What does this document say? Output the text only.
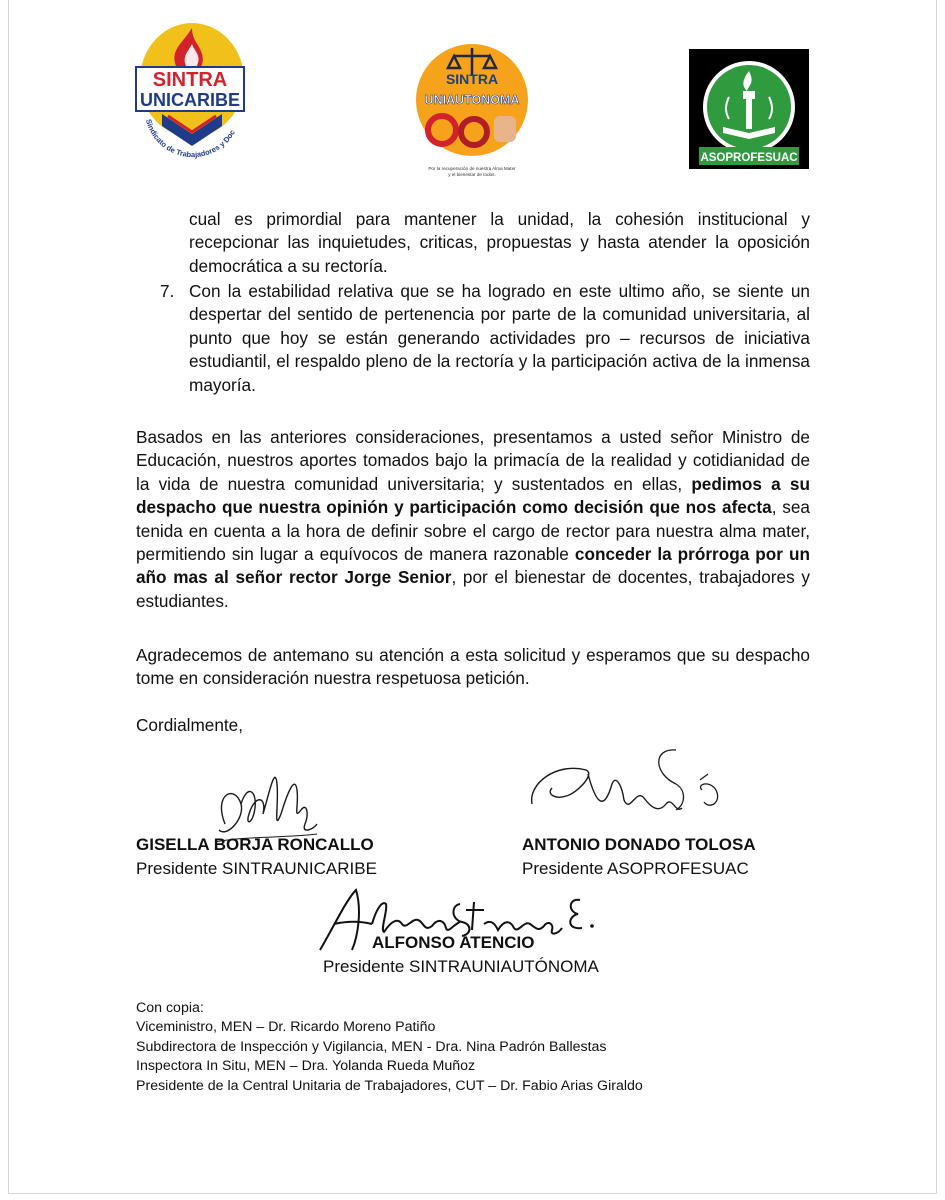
SINTRA
UNICARIBE
Sindicato de Trabajadores y Doc
SINTRA
UNIAUTONOMA
Por la recuperación de nuestra Alma Mater
y el bienestar de todos.
ASOPROFESUAC

cual es primordial para mantener la unidad, la cohesión institucional y recepcionar las inquietudes, criticas, propuestas y hasta atender la oposición democrática a su rectoría.

7. Con la estabilidad relativa que se ha logrado en este ultimo año, se siente un despertar del sentido de pertenencia por parte de la comunidad universitaria, al punto que hoy se están generando actividades pro – recursos de iniciativa estudiantil, el respaldo pleno de la rectoría y la participación activa de la inmensa mayoría.

Basados en las anteriores consideraciones, presentamos a usted señor Ministro de Educación, nuestros aportes tomados bajo la primacía de la realidad y cotidianidad de la vida de nuestra comunidad universitaria; y sustentados en ellas, pedimos a su despacho que nuestra opinión y participación como decisión que nos afecta, sea tenida en cuenta a la hora de definir sobre el cargo de rector para nuestra alma mater, permitiendo sin lugar a equívocos de manera razonable conceder la prórroga por un año mas al señor rector Jorge Senior, por el bienestar de docentes, trabajadores y estudiantes.

Agradecemos de antemano su atención a esta solicitud y esperamos que su despacho tome en consideración nuestra respetuosa petición.

Cordialmente,

GISELLA BORJA RONCALLO
Presidente SINTRAUNICARIBE
ANTONIO DONADO TOLOSA
Presidente ASOPROFESUAC
ALFONSO ATENCIO
Presidente SINTRAUNIAUTÓNOMA
Con copia:
Viceministro, MEN – Dr. Ricardo Moreno Patiño
Subdirectora de Inspección y Vigilancia, MEN - Dra. Nina Padrón Ballestas
Inspectora In Situ, MEN – Dra. Yolanda Rueda Muñoz
Presidente de la Central Unitaria de Trabajadores, CUT – Dr. Fabio Arias Giraldo
